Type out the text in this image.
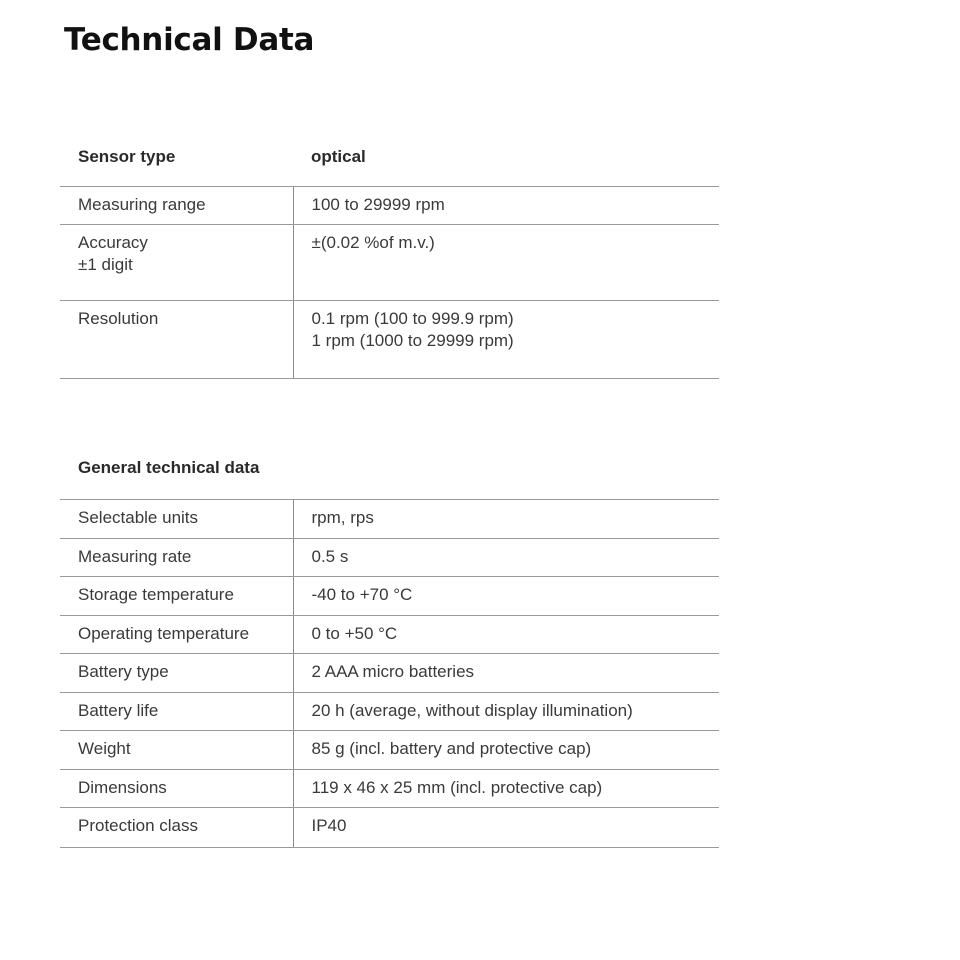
Technical Data
Sensor type	optical
Measuring range	100 to 29999 rpm

Accuracy
±1 digit	±(0.02 %of m.v.)
Resolution	0.1 rpm (100 to 999.9 rpm)
1 rpm (1000 to 29999 rpm)
General technical data
Selectable units	rpm, rps
Measuring rate	0.5 s
Storage temperature	-40 to +70 °C
Operating temperature	0 to +50 °C
Battery type	2 AAA micro batteries
Battery life	20 h (average, without display illumination)
Weight	85 g (incl. battery and protective cap)
Dimensions	119 x 46 x 25 mm (incl. protective cap)
Protection class	IP40
